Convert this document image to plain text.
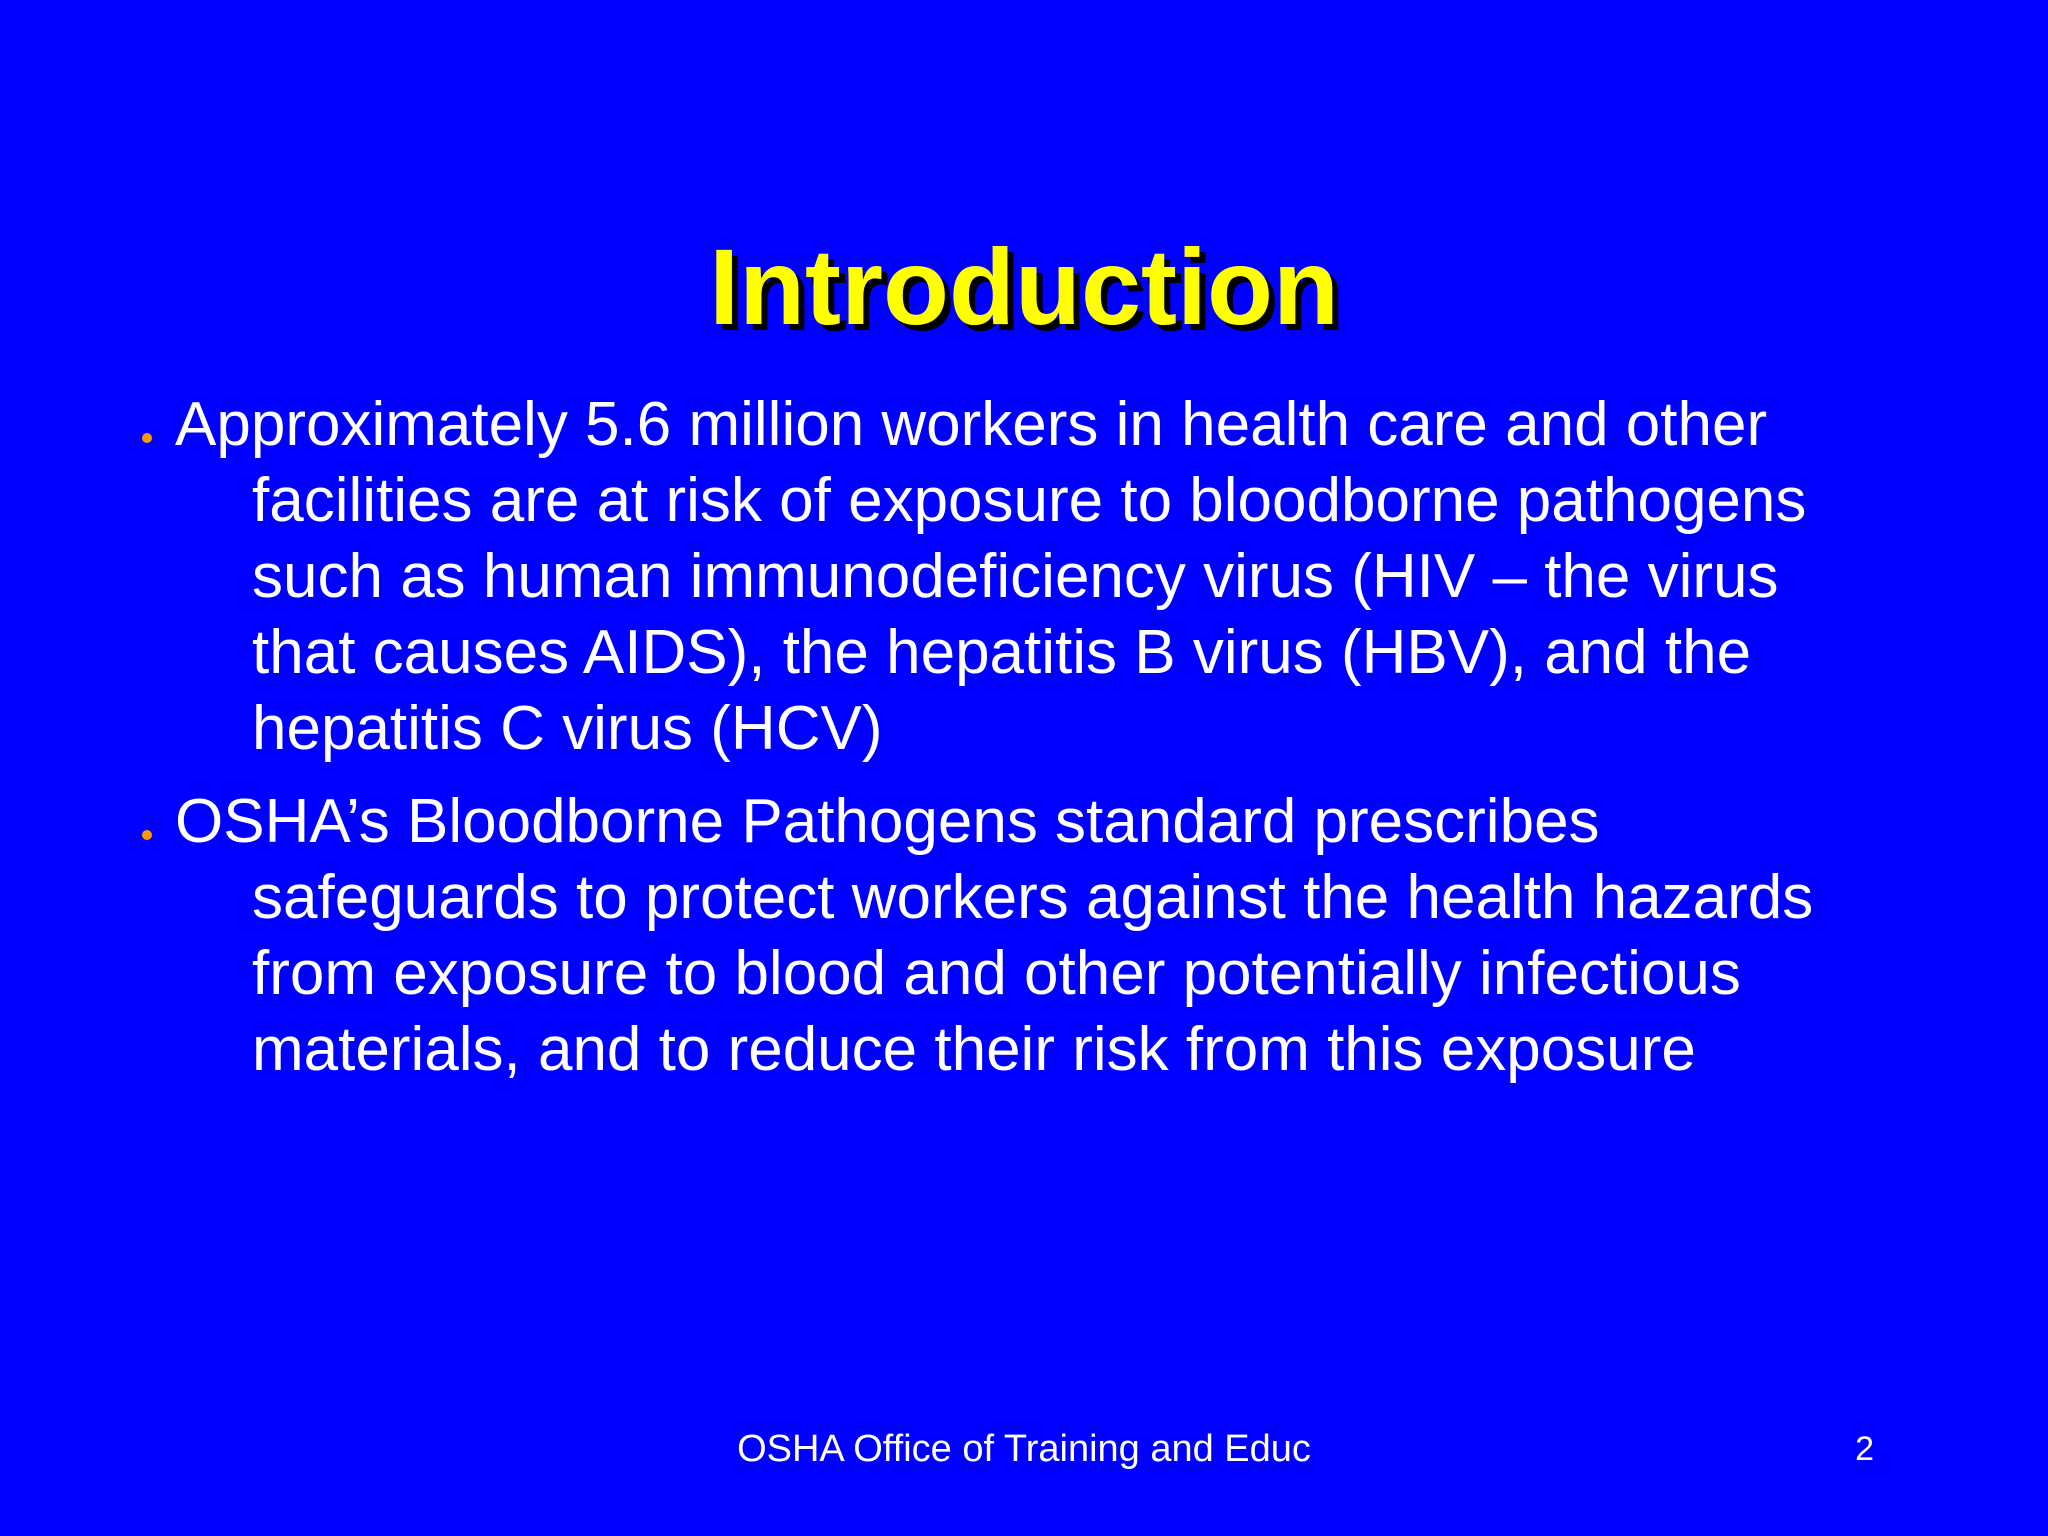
Introduction

Approximately 5.6 million workers in health care and other facilities are at risk of exposure to bloodborne pathogens such as human immunodeficiency virus (HIV – the virus that causes AIDS), the hepatitis B virus (HBV), and the hepatitis C virus (HCV)

OSHA’s Bloodborne Pathogens standard prescribes safeguards to protect workers against the health hazards from exposure to blood and other potentially infectious materials, and to reduce their risk from this exposure

OSHA Office of Training and Educ	2
